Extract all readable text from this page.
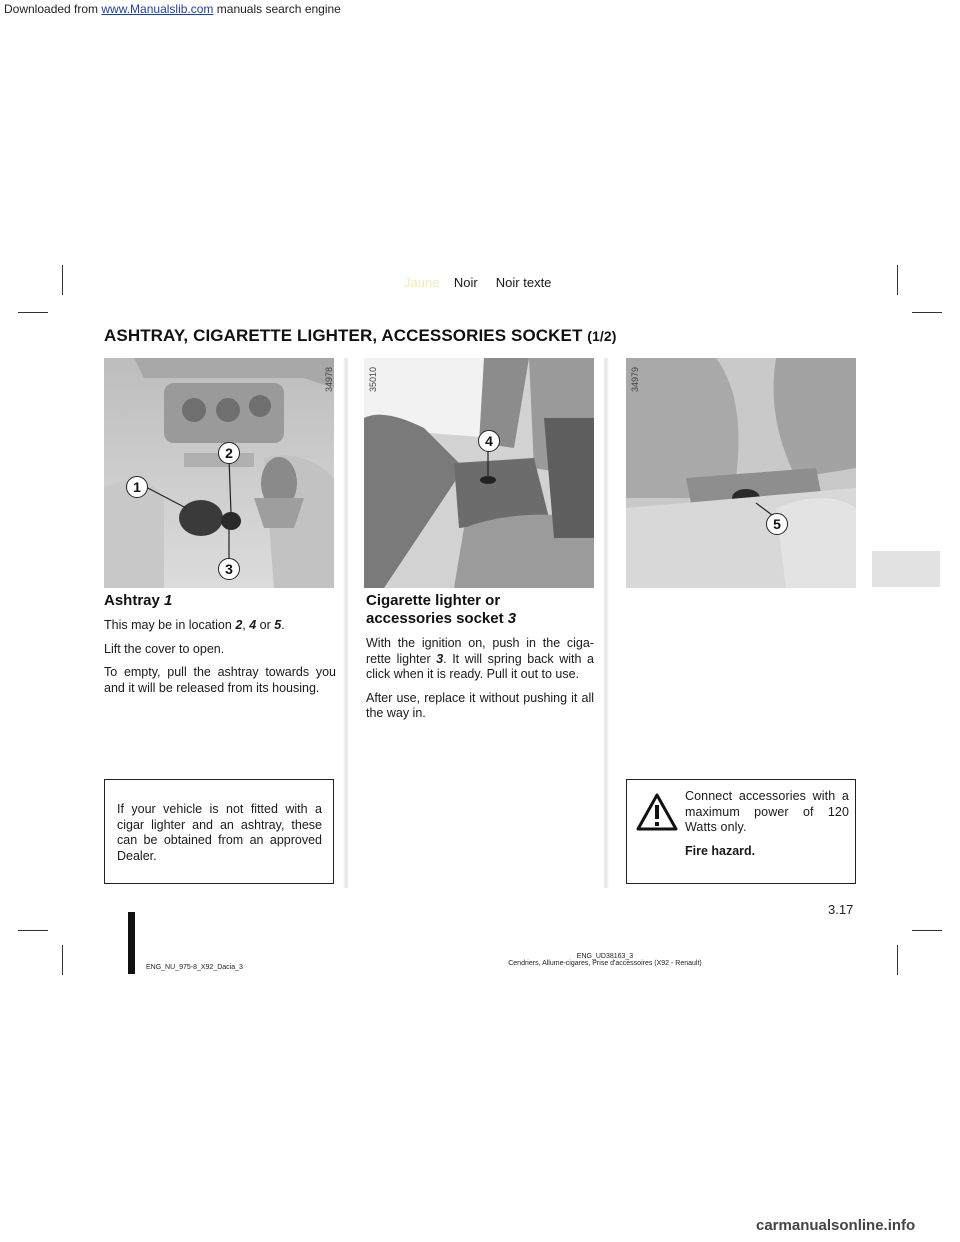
Downloaded from www.Manualslib.com manuals search engine
Jaune Noir Noir texte
ASHTRAY, CIGARETTE LIGHTER, ACCESSORIES SOCKET (1/2)
2
1
3
34978
4
35010
5
34979
Ashtray 1

This may be in location 2, 4 or 5.

Lift the cover to open.

To empty, pull the ashtray towards you and it will be released from its housing.

Cigarette lighter or
accessories socket 3

With the ignition on, push in the ciga-rette lighter 3. It will spring back with a click when it is ready. Pull it out to use.

After use, replace it without pushing it all the way in.

If your vehicle is not fitted with a cigar lighter and an ashtray, these can be obtained from an approved Dealer.

Connect accessories with a maximum power of 120 Watts only.

Fire hazard.

3.17
ENG_NU_975-8_X92_Dacia_3
ENG_UD38163_3
Cendriers, Allume-cigares, Prise d'accessoires (X92 - Renault)
carmanualsonline.info
